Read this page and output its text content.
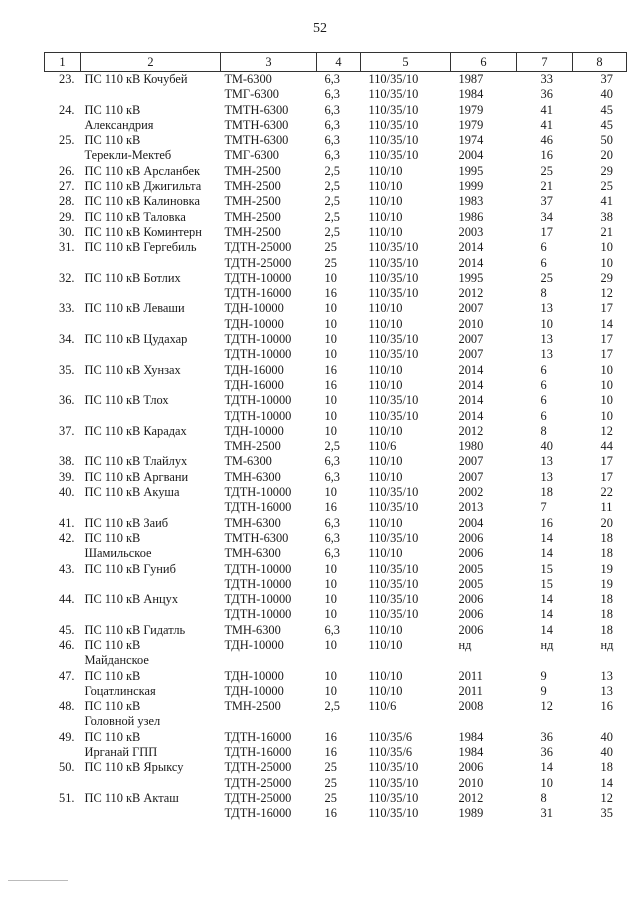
52
1	2	3	4	5	6	7	8
23.	ПС 110 кВ Кочубей	ТМ-6300	6,3	110/35/10	1987	33	37
		ТМГ-6300	6,3	110/35/10	1984	36	40
24.	ПС 110 кВ	ТМТН-6300	6,3	110/35/10	1979	41	45
	Александрия	ТМТН-6300	6,3	110/35/10	1979	41	45
25.	ПС 110 кВ	ТМТН-6300	6,3	110/35/10	1974	46	50
	Терекли-Мектеб	ТМГ-6300	6,3	110/35/10	2004	16	20
26.	ПС 110 кВ Арсланбек	ТМН-2500	2,5	110/10	1995	25	29
27.	ПС 110 кВ Джигильта	ТМН-2500	2,5	110/10	1999	21	25
28.	ПС 110 кВ Калиновка	ТМН-2500	2,5	110/10	1983	37	41
29.	ПС 110 кВ Таловка	ТМН-2500	2,5	110/10	1986	34	38
30.	ПС 110 кВ Коминтерн	ТМН-2500	2,5	110/10	2003	17	21
31.	ПС 110 кВ Гергебиль	ТДТН-25000	25	110/35/10	2014	6	10
		ТДТН-25000	25	110/35/10	2014	6	10
32.	ПС 110 кВ Ботлих	ТДТН-10000	10	110/35/10	1995	25	29
		ТДТН-16000	16	110/35/10	2012	8	12
33.	ПС 110 кВ Леваши	ТДН-10000	10	110/10	2007	13	17
		ТДН-10000	10	110/10	2010	10	14
34.	ПС 110 кВ Цудахар	ТДТН-10000	10	110/35/10	2007	13	17
		ТДТН-10000	10	110/35/10	2007	13	17
35.	ПС 110 кВ Хунзах	ТДН-16000	16	110/10	2014	6	10
		ТДН-16000	16	110/10	2014	6	10
36.	ПС 110 кВ Тлох	ТДТН-10000	10	110/35/10	2014	6	10
		ТДТН-10000	10	110/35/10	2014	6	10
37.	ПС 110 кВ Карадах	ТДН-10000	10	110/10	2012	8	12
		ТМН-2500	2,5	110/6	1980	40	44
38.	ПС 110 кВ Тлайлух	ТМ-6300	6,3	110/10	2007	13	17
39.	ПС 110 кВ Аргвани	ТМН-6300	6,3	110/10	2007	13	17
40.	ПС 110 кВ Акуша	ТДТН-10000	10	110/35/10	2002	18	22
		ТДТН-16000	16	110/35/10	2013	7	11
41.	ПС 110 кВ Заиб	ТМН-6300	6,3	110/10	2004	16	20
42.	ПС 110 кВ	ТМТН-6300	6,3	110/35/10	2006	14	18
	Шамильское	ТМН-6300	6,3	110/10	2006	14	18
43.	ПС 110 кВ Гуниб	ТДТН-10000	10	110/35/10	2005	15	19
		ТДТН-10000	10	110/35/10	2005	15	19
44.	ПС 110 кВ Анцух	ТДТН-10000	10	110/35/10	2006	14	18
		ТДТН-10000	10	110/35/10	2006	14	18
45.	ПС 110 кВ Гидатль	ТМН-6300	6,3	110/10	2006	14	18
46.	ПС 110 кВ	ТДН-10000	10	110/10	нд	нд	нд
	Майданское						
47.	ПС 110 кВ	ТДН-10000	10	110/10	2011	9	13
	Гоцатлинская	ТДН-10000	10	110/10	2011	9	13
48.	ПС 110 кВ	ТМН-2500	2,5	110/6	2008	12	16
	Головной узел						
49.	ПС 110 кВ	ТДТН-16000	16	110/35/6	1984	36	40
	Ирганай ГПП	ТДТН-16000	16	110/35/6	1984	36	40
50.	ПС 110 кВ Ярыксу	ТДТН-25000	25	110/35/10	2006	14	18
		ТДТН-25000	25	110/35/10	2010	10	14
51.	ПС 110 кВ Акташ	ТДТН-25000	25	110/35/10	2012	8	12
		ТДТН-16000	16	110/35/10	1989	31	35
